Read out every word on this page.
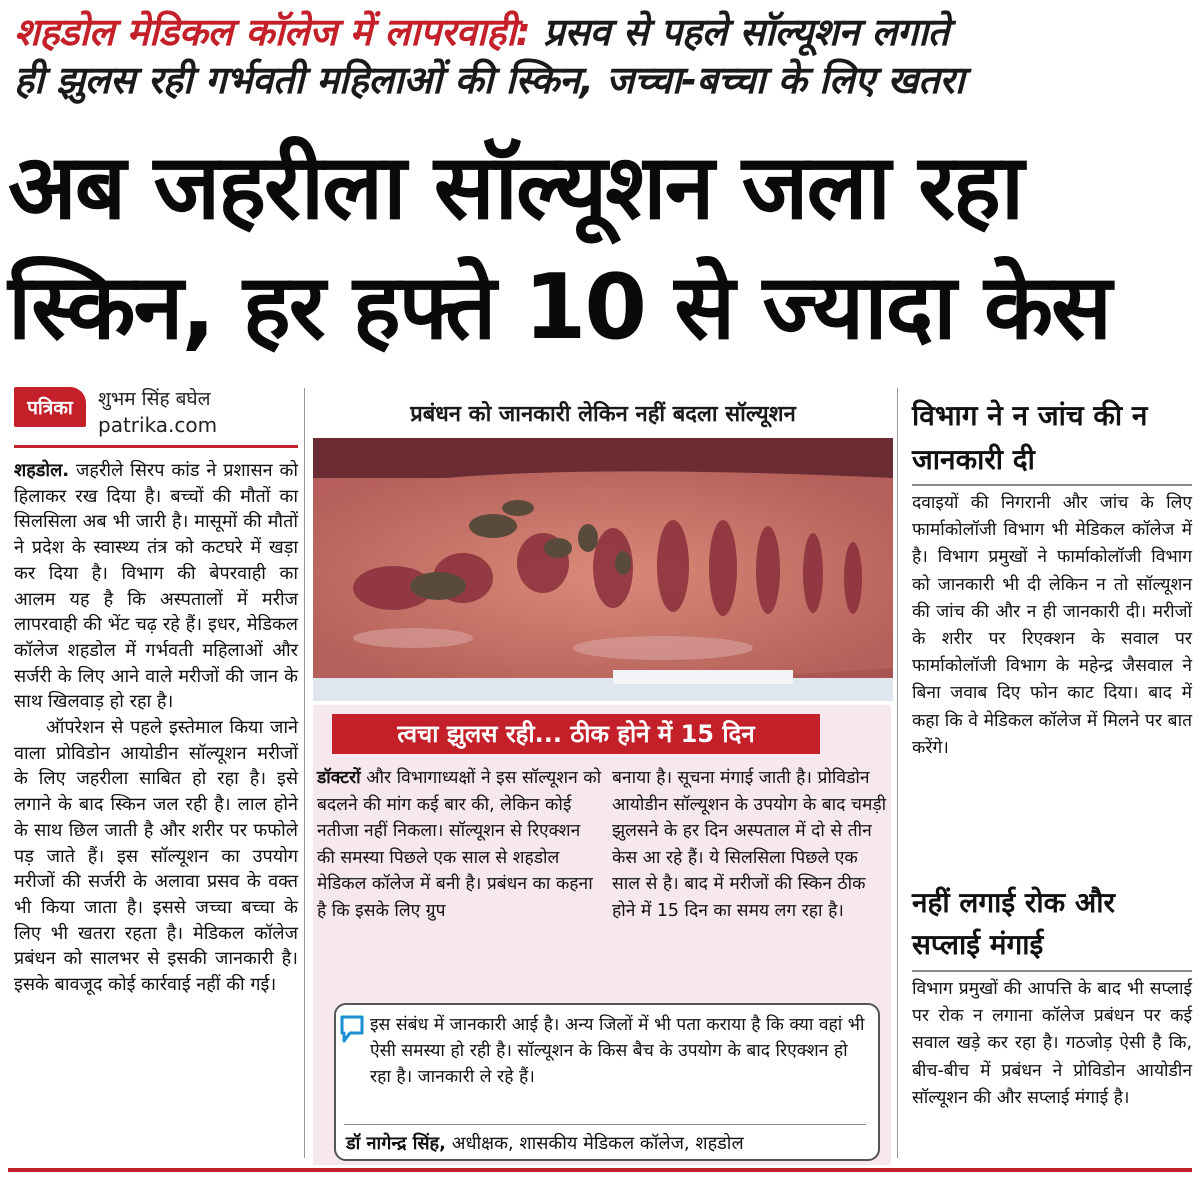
शहडोल मेडिकल कॉलेज में लापरवाही: प्रसव से पहले सॉल्यूशन लगाते
ही झुलस रही गर्भवती महिलाओं की स्किन, जच्चा-बच्चा के लिए खतरा
अब जहरीला सॉल्यूशन जला रहा
स्किन, हर हफ्ते 10 से ज्यादा केस
पत्रिका	शुभम सिंह बघेल
patrika.com

शहडोल. जहरीले सिरप कांड ने प्रशासन को हिलाकर रख दिया है। बच्चों की मौतों का सिलसिला अब भी जारी है। मासूमों की मौतों ने प्रदेश के स्वास्थ्य तंत्र को कटघरे में खड़ा कर दिया है। विभाग की बेपरवाही का आलम यह है कि अस्पतालों में मरीज लापरवाही की भेंट चढ़ रहे हैं। इधर, मेडिकल कॉलेज शहडोल में गर्भवती महिलाओं और सर्जरी के लिए आने वाले मरीजों की जान के साथ खिलवाड़ हो रहा है।

ऑपरेशन से पहले इस्तेमाल किया जाने वाला प्रोविडोन आयोडीन सॉल्यूशन मरीजों के लिए जहरीला साबित हो रहा है। इसे लगाने के बाद स्किन जल रही है। लाल होने के साथ छिल जाती है और शरीर पर फफोले पड़ जाते हैं। इस सॉल्यूशन का उपयोग मरीजों की सर्जरी के अलावा प्रसव के वक्त भी किया जाता है। इससे जच्चा बच्चा के लिए भी खतरा रहता है। मेडिकल कॉलेज प्रबंधन को सालभर से इसकी जानकारी है। इसके बावजूद कोई कार्रवाई नहीं की गई।

प्रबंधन को जानकारी लेकिन नहीं बदला सॉल्यूशन
त्वचा झुलस रही... ठीक होने में 15 दिन
डॉक्टरों और विभागाध्यक्षों ने इस सॉल्यूशन को बदलने की मांग कई बार की, लेकिन कोई नतीजा नहीं निकला। सॉल्यूशन से रिएक्शन की समस्या पिछले एक साल से शहडोल मेडिकल कॉलेज में बनी है। प्रबंधन का कहना है कि इसके लिए ग्रुप
बनाया है। सूचना मंगाई जाती है। प्रोविडोन आयोडीन सॉल्यूशन के उपयोग के बाद चमड़ी झुलसने के हर दिन अस्पताल में दो से तीन केस आ रहे हैं। ये सिलसिला पिछले एक साल से है। बाद में मरीजों की स्किन ठीक होने में 15 दिन का समय लग रहा है।
इस संबंध में जानकारी आई है। अन्य जिलों में भी पता कराया है कि क्या वहां भी ऐसी समस्या हो रही है। सॉल्यूशन के किस बैच के उपयोग के बाद रिएक्शन हो रहा है। जानकारी ले रहे हैं।
डॉ नागेन्द्र सिंह, अधीक्षक, शासकीय मेडिकल कॉलेज, शहडोल
विभाग ने न जांच की न जानकारी दी
दवाइयों की निगरानी और जांच के लिए फार्माकोलॉजी विभाग भी मेडिकल कॉलेज में है। विभाग प्रमुखों ने फार्माकोलॉजी विभाग को जानकारी भी दी लेकिन न तो सॉल्यूशन की जांच की और न ही जानकारी दी। मरीजों के शरीर पर रिएक्शन के सवाल पर फार्माकोलॉजी विभाग के महेन्द्र जैसवाल ने बिना जवाब दिए फोन काट दिया। बाद में कहा कि वे मेडिकल कॉलेज में मिलने पर बात करेंगे।
नहीं लगाई रोक और सप्लाई मंगाई
विभाग प्रमुखों की आपत्ति के बाद भी सप्लाई पर रोक न लगाना कॉलेज प्रबंधन पर कई सवाल खड़े कर रहा है। गठजोड़ ऐसी है कि, बीच-बीच में प्रबंधन ने प्रोविडोन आयोडीन सॉल्यूशन की और सप्लाई मंगाई है।
